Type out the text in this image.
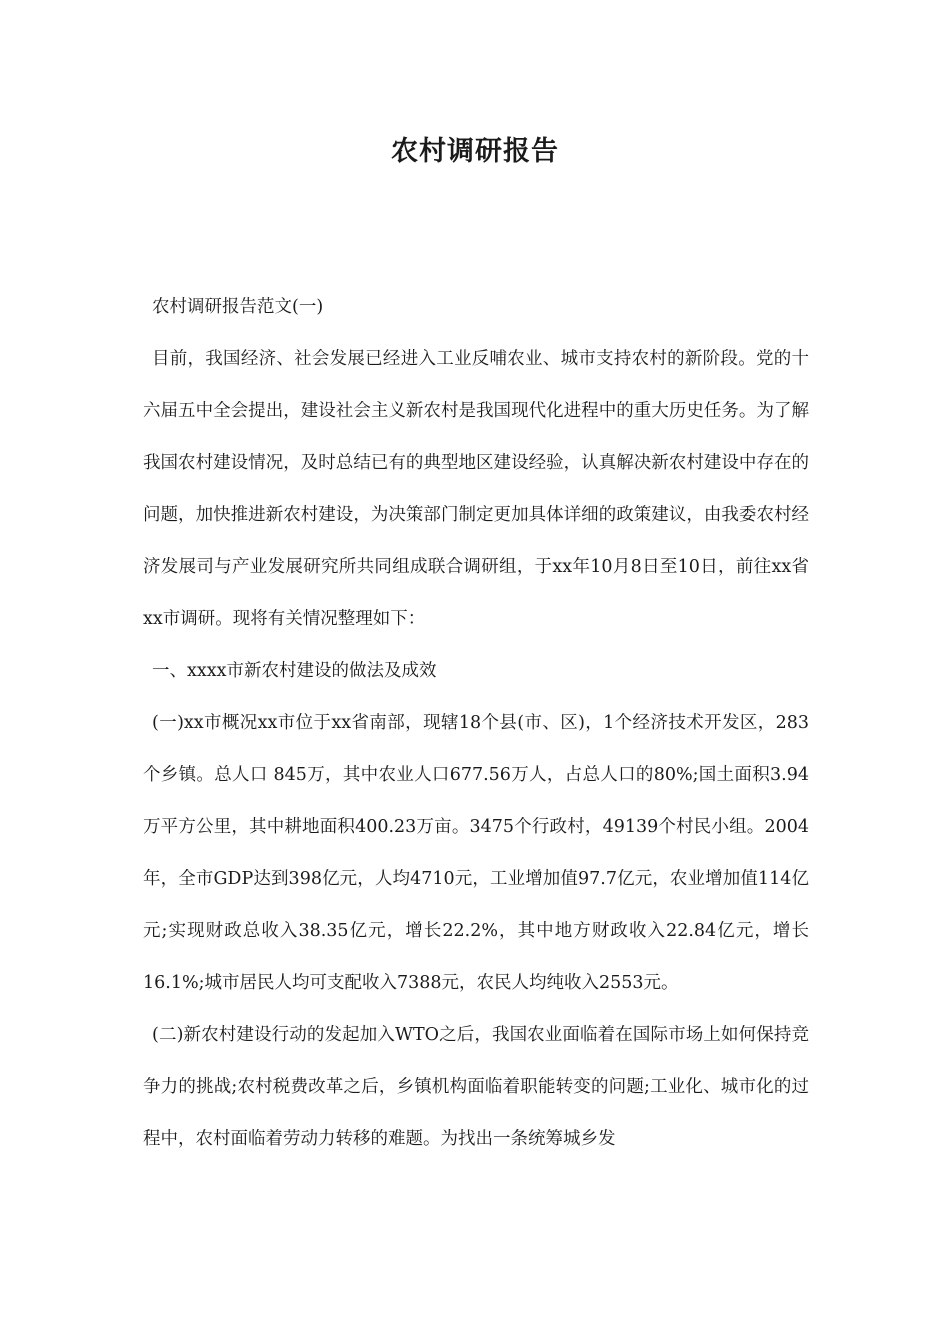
农村调研报告

农村调研报告范文(一)

目前，我国经济、社会发展已经进入工业反哺农业、城市支持农村的新阶段。党的十六届五中全会提出，建设社会主义新农村是我国现代化进程中的重大历史任务。为了解我国农村建设情况，及时总结已有的典型地区建设经验，认真解决新农村建设中存在的问题，加快推进新农村建设，为决策部门制定更加具体详细的政策建议，由我委农村经济发展司与产业发展研究所共同组成联合调研组，于xx年10月8日至10日，前往xx省xx市调研。现将有关情况整理如下：

一、xxxx市新农村建设的做法及成效

(一)xx市概况xx市位于xx省南部，现辖18个县(市、区)，1个经济技术开发区，283个乡镇。总人口 845万，其中农业人口677.56万人，占总人口的80%;国土面积3.94万平方公里，其中耕地面积400.23万亩。3475个行政村，49139个村民小组。2004年，全市GDP达到398亿元，人均4710元，工业增加值97.7亿元，农业增加值114亿元;实现财政总收入38.35亿元，增长22.2%，其中地方财政收入22.84亿元，增长16.1%;城市居民人均可支配收入7388元，农民人均纯收入2553元。

(二)新农村建设行动的发起加入WTO之后，我国农业面临着在国际市场上如何保持竞争力的挑战;农村税费改革之后，乡镇机构面临着职能转变的问题;工业化、城市化的过程中，农村面临着劳动力转移的难题。为找出一条统筹城乡发
